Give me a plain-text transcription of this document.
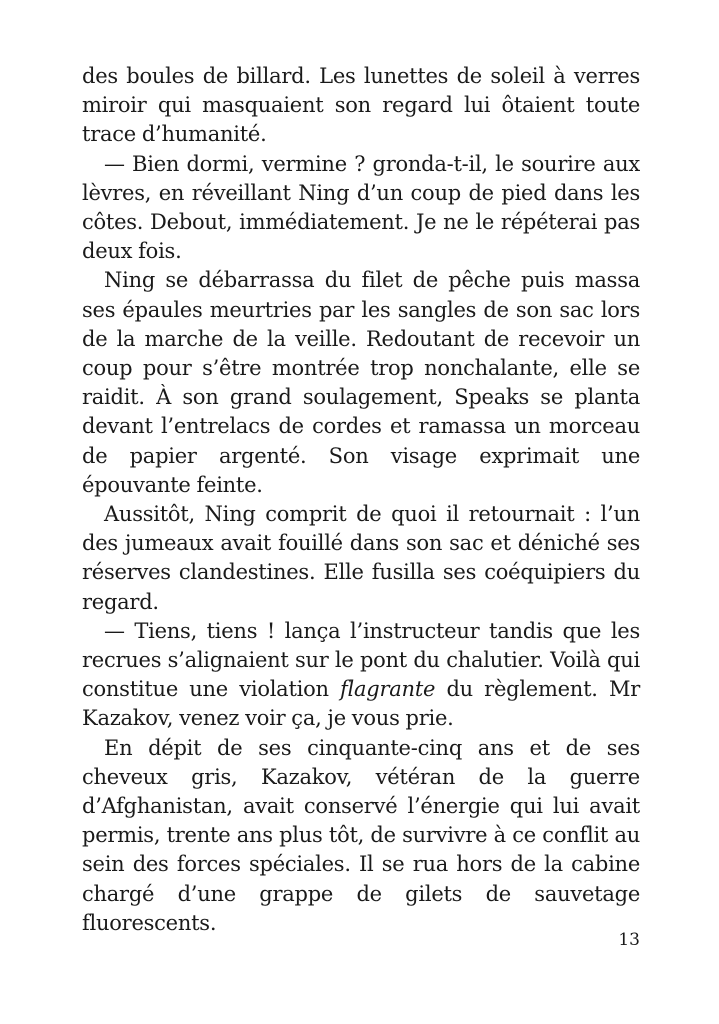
des boules de billard. Les lunettes de soleil à verres miroir qui masquaient son regard lui ôtaient toute trace d’humanité.

— Bien dormi, vermine ? gronda-t-il, le sourire aux lèvres, en réveillant Ning d’un coup de pied dans les côtes. Debout, immédiatement. Je ne le répéterai pas deux fois.

Ning se débarrassa du filet de pêche puis massa ses épaules meurtries par les sangles de son sac lors de la marche de la veille. Redoutant de recevoir un coup pour s’être montrée trop nonchalante, elle se raidit. À son grand soulagement, Speaks se planta devant l’entrelacs de cordes et ramassa un morceau de papier argenté. Son visage exprimait une épouvante feinte.

Aussitôt, Ning comprit de quoi il retournait : l’un des jumeaux avait fouillé dans son sac et déniché ses réserves clandestines. Elle fusilla ses coéquipiers du regard.

— Tiens, tiens ! lança l’instructeur tandis que les recrues s’alignaient sur le pont du chalutier. Voilà qui constitue une violation flagrante du règlement. Mr Kazakov, venez voir ça, je vous prie.

En dépit de ses cinquante-cinq ans et de ses cheveux gris, Kazakov, vétéran de la guerre d’Afghanistan, avait conservé l’énergie qui lui avait permis, trente ans plus tôt, de survivre à ce conflit au sein des forces spéciales. Il se rua hors de la cabine chargé d’une grappe de gilets de sauvetage fluorescents.

13
